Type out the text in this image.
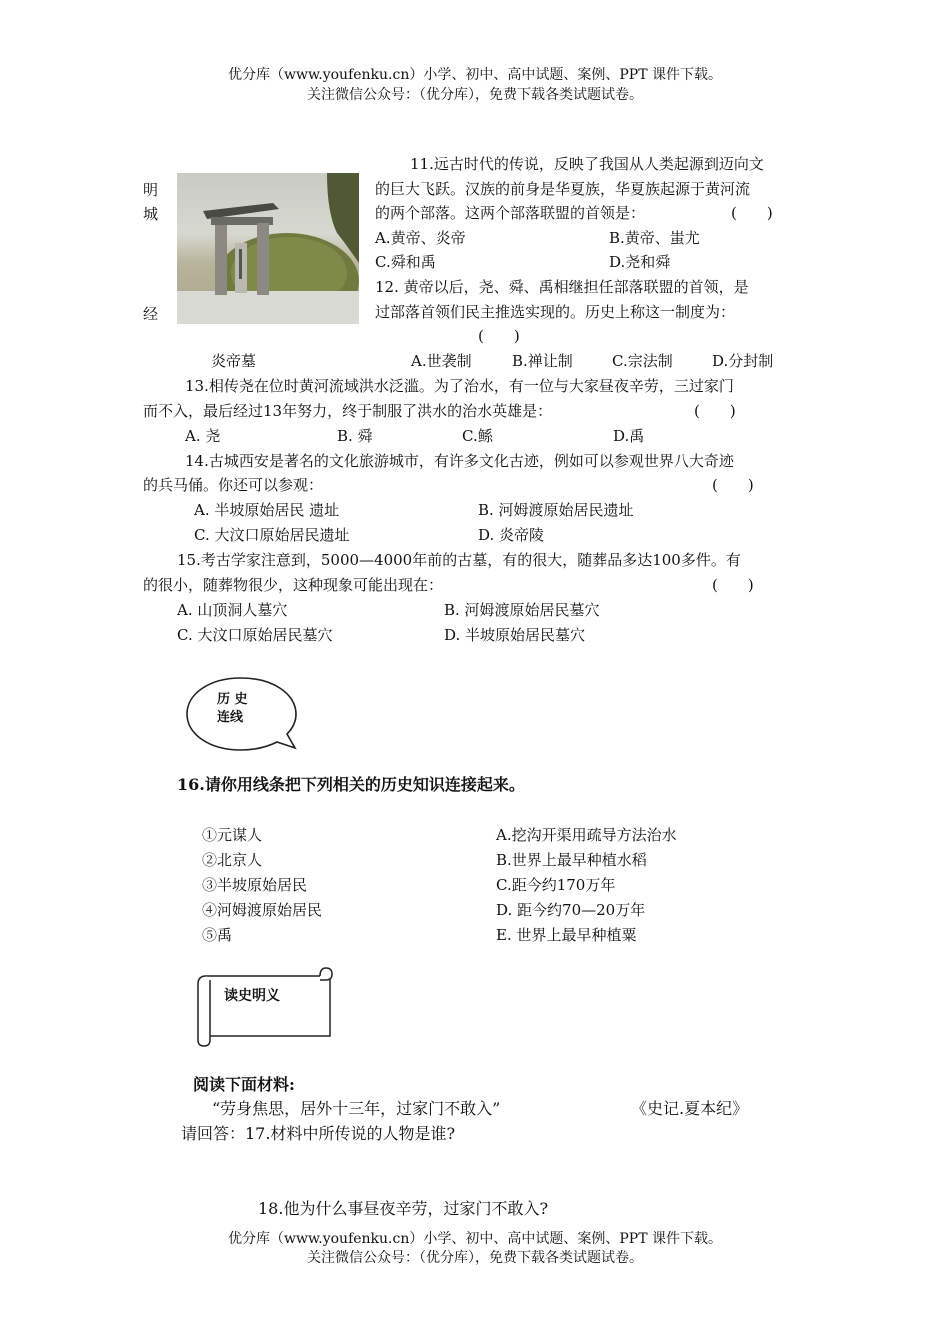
优分库（www.youfenku.cn）小学、初中、高中试题、案例、PPT 课件下载。
关注微信公众号：（优分库），免费下载各类试题试卷。
明
城
经
炎帝墓
11.远古时代的传说，反映了我国从人类起源到迈向文
的巨大飞跃。汉族的前身是华夏族，华夏族起源于黄河流
的两个部落。这两个部落联盟的首领是：	(　　)
A.黄帝、炎帝	B.黄帝、蚩尤
C.舜和禹	D.尧和舜
12. 黄帝以后，尧、舜、禹相继担任部落联盟的首领，是
过部落首领们民主推选实现的。历史上称这一制度为：
(　　)
A.世袭制	B.禅让制	C.宗法制	D.分封制
13.相传尧在位时黄河流域洪水泛滥。为了治水，有一位与大家昼夜辛劳，三过家门
而不入，最后经过13年努力，终于制服了洪水的治水英雄是：	(　　)
A. 尧	B. 舜	C.鲧	D.禹
14.古城西安是著名的文化旅游城市，有许多文化古迹，例如可以参观世界八大奇迹
的兵马俑。你还可以参观：	(　　)
A. 半坡原始居民 遗址	B. 河姆渡原始居民遗址
C. 大汶口原始居民遗址	D. 炎帝陵
15.考古学家注意到，5000—4000年前的古墓，有的很大，随葬品多达100多件。有
的很小，随葬物很少，这种现象可能出现在：	(　　)
A. 山顶洞人墓穴	B. 河姆渡原始居民墓穴
C. 大汶口原始居民墓穴	D. 半坡原始居民墓穴
历 史
连线
16.请你用线条把下列相关的历史知识连接起来。
①元谋人
②北京人
③半坡原始居民
④河姆渡原始居民
⑤禹
A.挖沟开渠用疏导方法治水
B.世界上最早种植水稻
C.距今约170万年
D. 距今约70—20万年
E. 世界上最早种植粟
读史明义
阅读下面材料:
“劳身焦思，居外十三年，过家门不敢入”	《史记.夏本纪》
请回答：17.材料中所传说的人物是谁?
18.他为什么事昼夜辛劳，过家门不敢入?
优分库（www.youfenku.cn）小学、初中、高中试题、案例、PPT 课件下载。
关注微信公众号：（优分库），免费下载各类试题试卷。
